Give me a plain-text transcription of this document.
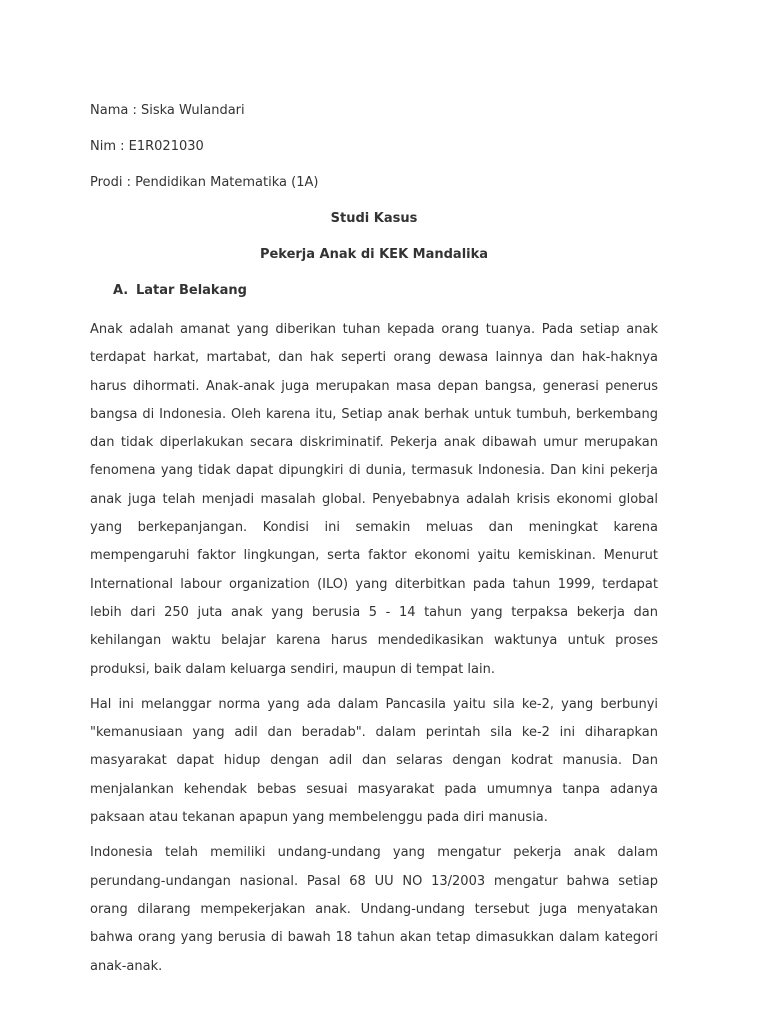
Nama : Siska Wulandari
Nim : E1R021030
Prodi : Pendidikan Matematika (1A)
Studi Kasus
Pekerja Anak di KEK Mandalika
A. Latar Belakang

Anak adalah amanat yang diberikan tuhan kepada orang tuanya. Pada setiap anak terdapat harkat, martabat, dan hak seperti orang dewasa lainnya dan hak-haknya harus dihormati. Anak-anak juga merupakan masa depan bangsa, generasi penerus bangsa di Indonesia. Oleh karena itu, Setiap anak berhak untuk tumbuh, berkembang dan tidak diperlakukan secara diskriminatif. Pekerja anak dibawah umur merupakan fenomena yang tidak dapat dipungkiri di dunia, termasuk Indonesia. Dan kini pekerja anak juga telah menjadi masalah global. Penyebabnya adalah krisis ekonomi global yang berkepanjangan. Kondisi ini semakin meluas dan meningkat karena mempengaruhi faktor lingkungan, serta faktor ekonomi yaitu kemiskinan. Menurut International labour organization (ILO) yang diterbitkan pada tahun 1999, terdapat lebih dari 250 juta anak yang berusia 5 - 14 tahun yang terpaksa bekerja dan kehilangan waktu belajar karena harus mendedikasikan waktunya untuk proses produksi, baik dalam keluarga sendiri, maupun di tempat lain.

Hal ini melanggar norma yang ada dalam Pancasila yaitu sila ke-2, yang berbunyi "kemanusiaan yang adil dan beradab". dalam perintah sila ke-2 ini diharapkan masyarakat dapat hidup dengan adil dan selaras dengan kodrat manusia. Dan menjalankan kehendak bebas sesuai masyarakat pada umumnya tanpa adanya paksaan atau tekanan apapun yang membelenggu pada diri manusia.

Indonesia telah memiliki undang-undang yang mengatur pekerja anak dalam perundang-undangan nasional. Pasal 68 UU NO 13/2003 mengatur bahwa setiap orang dilarang mempekerjakan anak. Undang-undang tersebut juga menyatakan bahwa orang yang berusia di bawah 18 tahun akan tetap dimasukkan dalam kategori anak-anak.
